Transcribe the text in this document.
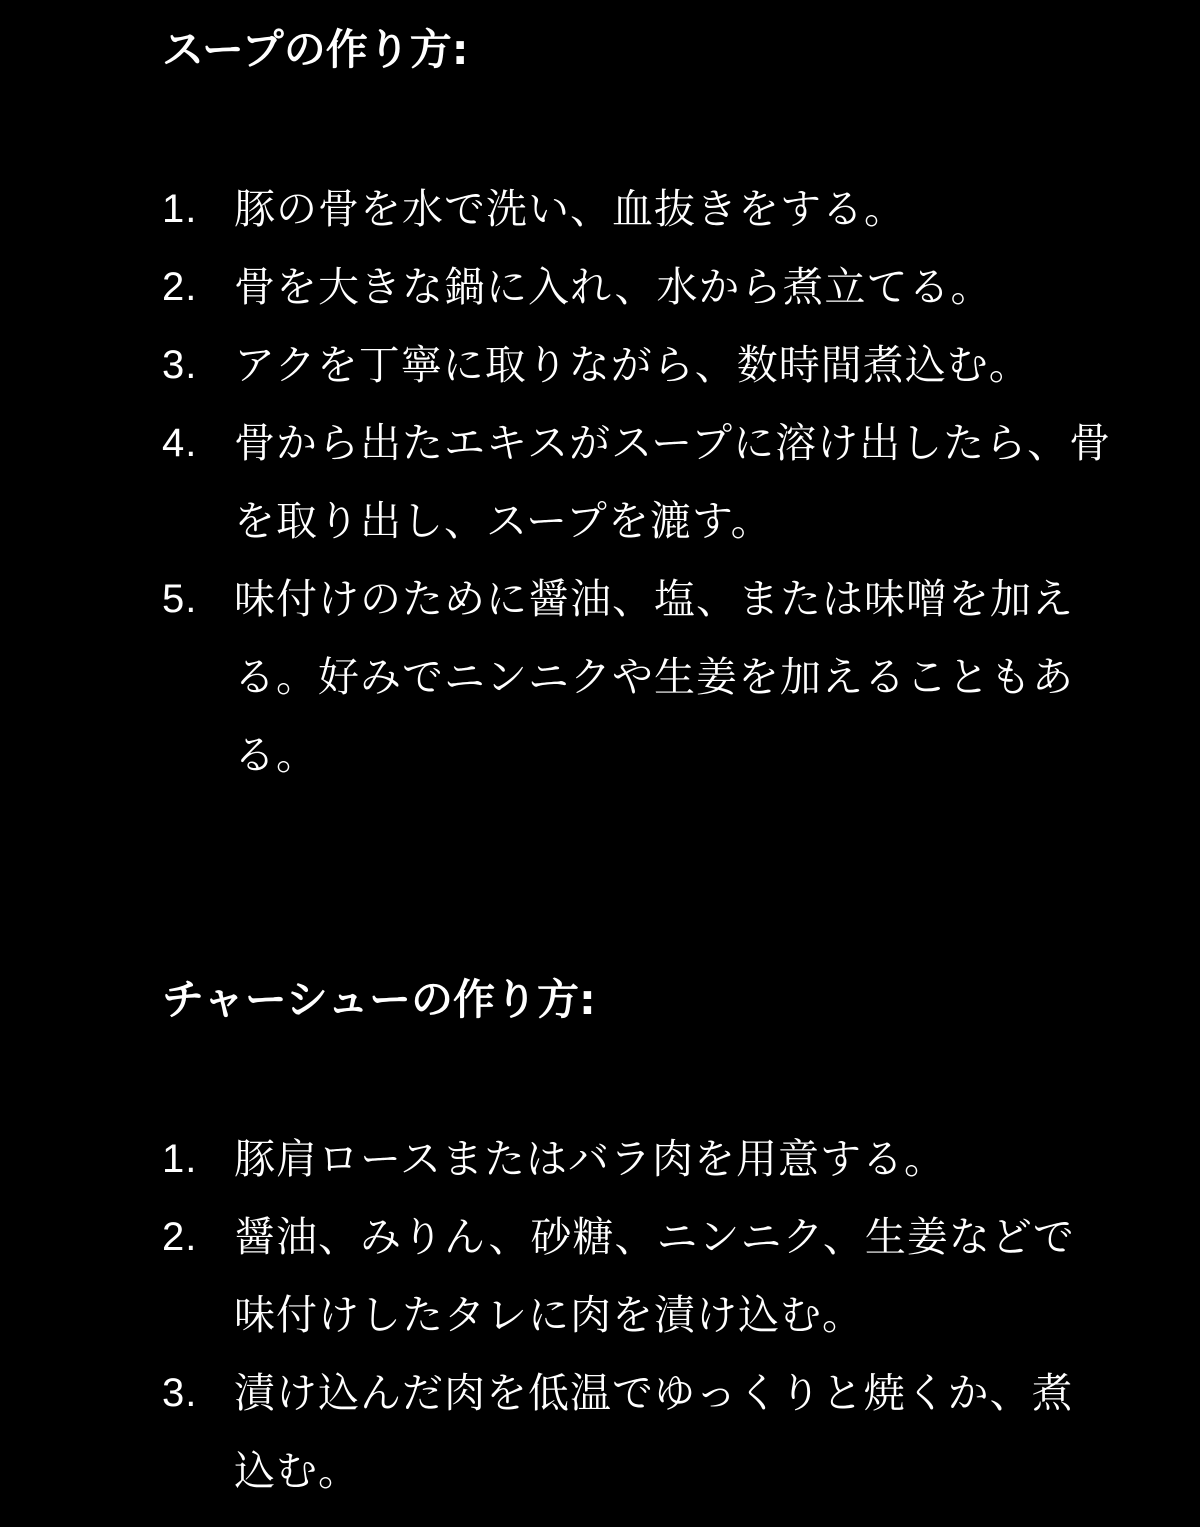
スープの作り方:
1. 豚の骨を水で洗い、血抜きをする。
2. 骨を大きな鍋に入れ、水から煮立てる。
3. アクを丁寧に取りながら、数時間煮込む。
4. 骨から出たエキスがスープに溶け出したら、骨を取り出し、スープを漉す。
5. 味付けのために醤油、塩、または味噌を加える。好みでニンニクや生姜を加えることもある。
チャーシューの作り方:
1. 豚肩ロースまたはバラ肉を用意する。
2. 醤油、みりん、砂糖、ニンニク、生姜などで味付けしたタレに肉を漬け込む。
3. 漬け込んだ肉を低温でゆっくりと焼くか、煮込む。
